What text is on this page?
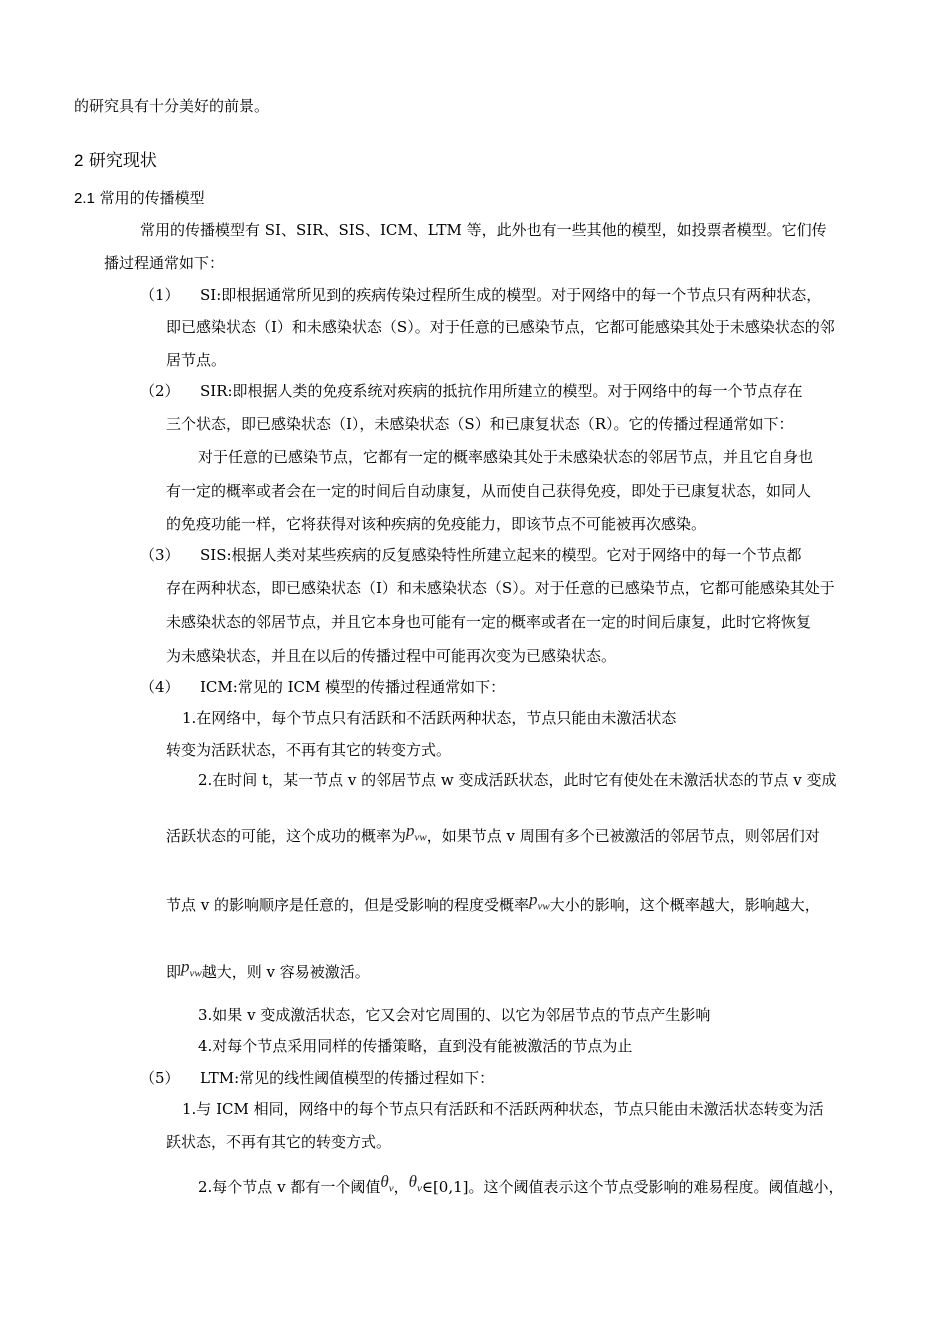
的研究具有十分美好的前景。
2 研究现状
2.1 常用的传播模型
常用的传播模型有 SI、SIR、SIS、ICM、LTM 等，此外也有一些其他的模型，如投票者模型。它们传
播过程通常如下：
（1） SI:即根据通常所见到的疾病传染过程所生成的模型。对于网络中的每一个节点只有两种状态，
即已感染状态（I）和未感染状态（S）。对于任意的已感染节点，它都可能感染其处于未感染状态的邻
居节点。
（2） SIR:即根据人类的免疫系统对疾病的抵抗作用所建立的模型。对于网络中的每一个节点存在
三个状态，即已感染状态（I），未感染状态（S）和已康复状态（R）。它的传播过程通常如下：
对于任意的已感染节点，它都有一定的概率感染其处于未感染状态的邻居节点，并且它自身也
有一定的概率或者会在一定的时间后自动康复，从而使自己获得免疫，即处于已康复状态，如同人
的免疫功能一样，它将获得对该种疾病的免疫能力，即该节点不可能被再次感染。
（3） SIS:根据人类对某些疾病的反复感染特性所建立起来的模型。它对于网络中的每一个节点都
存在两种状态，即已感染状态（I）和未感染状态（S）。对于任意的已感染节点，它都可能感染其处于
未感染状态的邻居节点，并且它本身也可能有一定的概率或者在一定的时间后康复，此时它将恢复
为未感染状态，并且在以后的传播过程中可能再次变为已感染状态。
（4） ICM:常见的 ICM 模型的传播过程通常如下：
1.在网络中，每个节点只有活跃和不活跃两种状态，节点只能由未激活状态
转变为活跃状态，不再有其它的转变方式。
2.在时间 t，某一节点 v 的邻居节点 w 变成活跃状态，此时它有使处在未激活状态的节点 v 变成
活跃状态的可能，这个成功的概率为$p_{vw}$，如果节点 v 周围有多个已被激活的邻居节点，则邻居们对
节点 v 的影响顺序是任意的，但是受影响的程度受概率$p_{vw}$大小的影响，这个概率越大，影响越大，
即$p_{vw}$越大，则 v 容易被激活。
3.如果 v 变成激活状态，它又会对它周围的、以它为邻居节点的节点产生影响
4.对每个节点采用同样的传播策略，直到没有能被激活的节点为止
（5） LTM:常见的线性阈值模型的传播过程如下：
1.与 ICM 相同，网络中的每个节点只有活跃和不活跃两种状态，节点只能由未激活状态转变为活
跃状态，不再有其它的转变方式。
2.每个节点 v 都有一个阈值$\theta_v$，$\theta_v\in[0,1]$。这个阈值表示这个节点受影响的难易程度。阈值越小，
